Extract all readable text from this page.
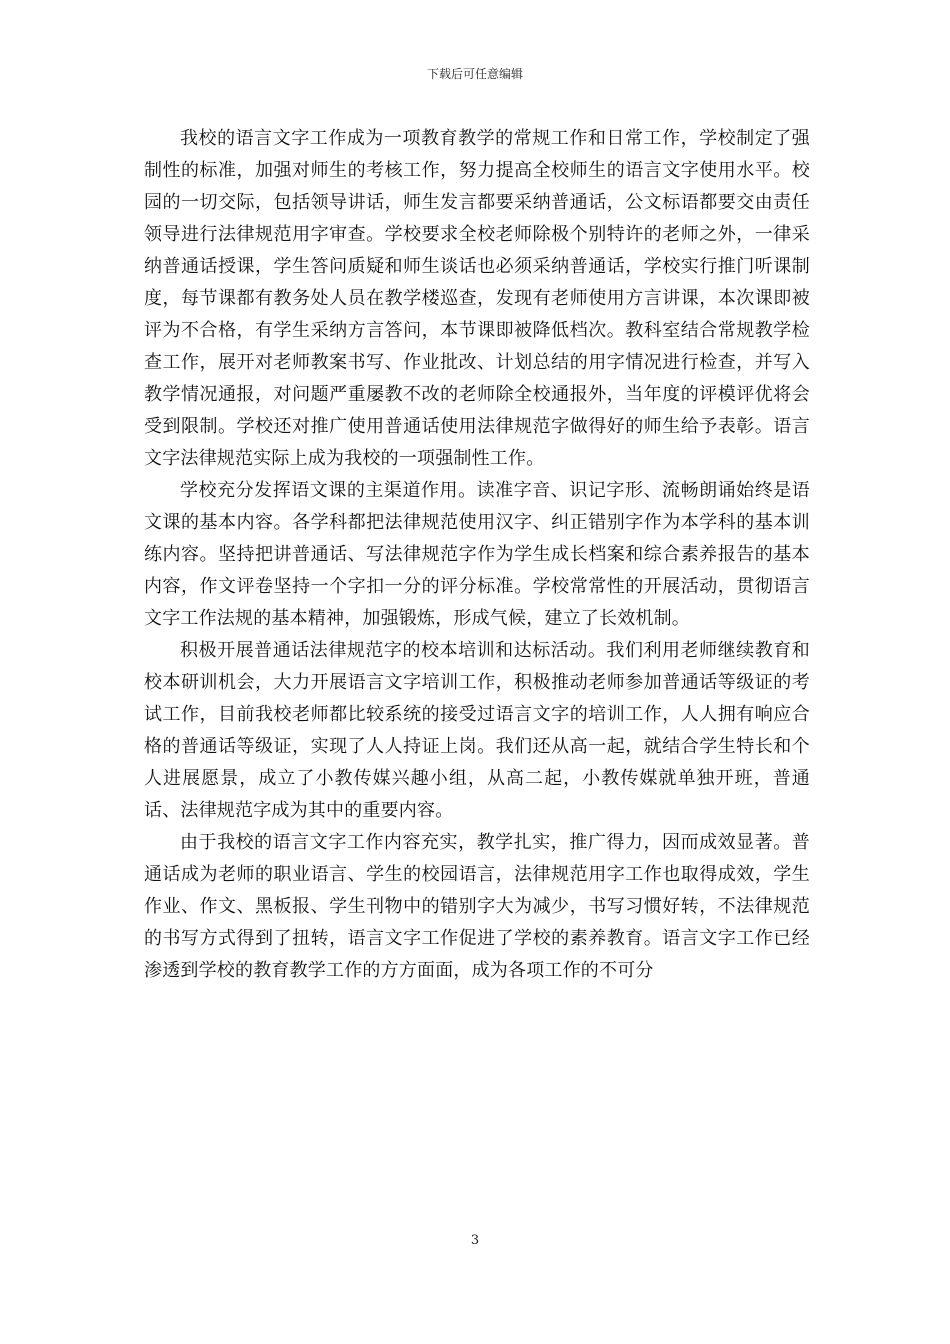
下载后可任意编辑

我校的语言文字工作成为一项教育教学的常规工作和日常工作，学校制定了强制性的标准，加强对师生的考核工作，努力提高全校师生的语言文字使用水平。校园的一切交际，包括领导讲话，师生发言都要采纳普通话，公文标语都要交由责任领导进行法律规范用字审查。学校要求全校老师除极个别特许的老师之外，一律采纳普通话授课，学生答问质疑和师生谈话也必须采纳普通话，学校实行推门听课制度，每节课都有教务处人员在教学楼巡查，发现有老师使用方言讲课，本次课即被评为不合格，有学生采纳方言答问，本节课即被降低档次。教科室结合常规教学检查工作，展开对老师教案书写、作业批改、计划总结的用字情况进行检查，并写入教学情况通报，对问题严重屡教不改的老师除全校通报外，当年度的评模评优将会受到限制。学校还对推广使用普通话使用法律规范字做得好的师生给予表彰。语言文字法律规范实际上成为我校的一项强制性工作。

学校充分发挥语文课的主渠道作用。读准字音、识记字形、流畅朗诵始终是语文课的基本内容。各学科都把法律规范使用汉字、纠正错别字作为本学科的基本训练内容。坚持把讲普通话、写法律规范字作为学生成长档案和综合素养报告的基本内容，作文评卷坚持一个字扣一分的评分标准。学校常常性的开展活动，贯彻语言文字工作法规的基本精神，加强锻炼，形成气候，建立了长效机制。

积极开展普通话法律规范字的校本培训和达标活动。我们利用老师继续教育和校本研训机会，大力开展语言文字培训工作，积极推动老师参加普通话等级证的考试工作，目前我校老师都比较系统的接受过语言文字的培训工作，人人拥有响应合格的普通话等级证，实现了人人持证上岗。我们还从高一起，就结合学生特长和个人进展愿景，成立了小教传媒兴趣小组，从高二起，小教传媒就单独开班，普通话、法律规范字成为其中的重要内容。

由于我校的语言文字工作内容充实，教学扎实，推广得力，因而成效显著。普通话成为老师的职业语言、学生的校园语言，法律规范用字工作也取得成效，学生作业、作文、黑板报、学生刊物中的错别字大为减少，书写习惯好转，不法律规范的书写方式得到了扭转，语言文字工作促进了学校的素养教育。语言文字工作已经渗透到学校的教育教学工作的方方面面，成为各项工作的不可分

3
